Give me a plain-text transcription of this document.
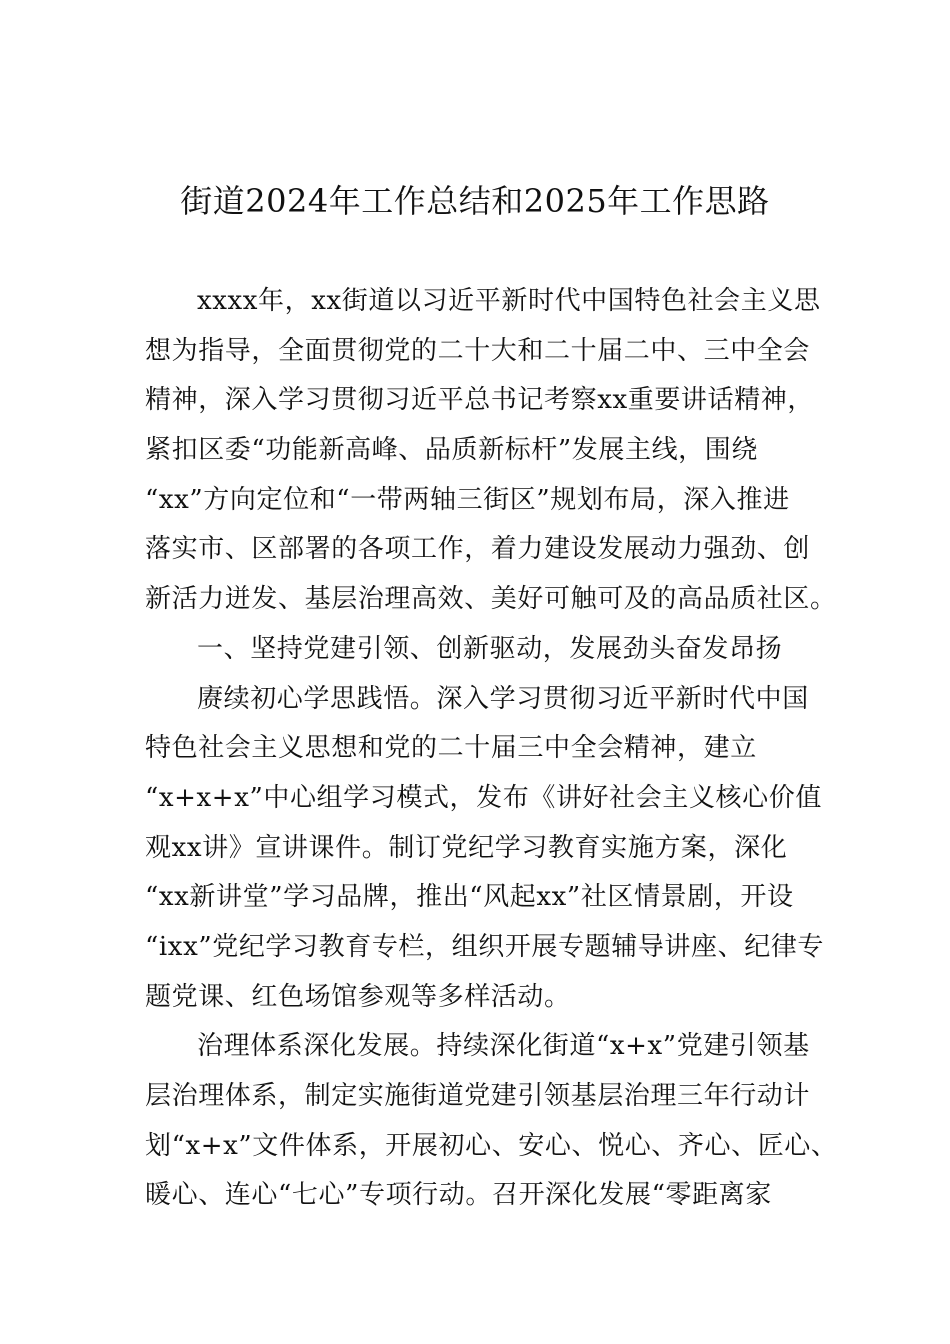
街道2024年工作总结和2025年工作思路
xxxx年，xx街道以习近平新时代中国特色社会主义思
想为指导，全面贯彻党的二十大和二十届二中、三中全会
精神，深入学习贯彻习近平总书记考察xx重要讲话精神，
紧扣区委“功能新高峰、品质新标杆”发展主线，围绕
“xx”方向定位和“一带两轴三街区”规划布局，深入推进
落实市、区部署的各项工作，着力建设发展动力强劲、创
新活力迸发、基层治理高效、美好可触可及的高品质社区。
一、坚持党建引领、创新驱动，发展劲头奋发昂扬
赓续初心学思践悟。深入学习贯彻习近平新时代中国
特色社会主义思想和党的二十届三中全会精神，建立
“x+x+x”中心组学习模式，发布《讲好社会主义核心价值
观xx讲》宣讲课件。制订党纪学习教育实施方案，深化
“xx新讲堂”学习品牌，推出“风起xx”社区情景剧，开设
“ixx”党纪学习教育专栏，组织开展专题辅导讲座、纪律专
题党课、红色场馆参观等多样活动。
治理体系深化发展。持续深化街道“x+x”党建引领基
层治理体系，制定实施街道党建引领基层治理三年行动计
划“x+x”文件体系，开展初心、安心、悦心、齐心、匠心、
暖心、连心“七心”专项行动。召开深化发展“零距离家
